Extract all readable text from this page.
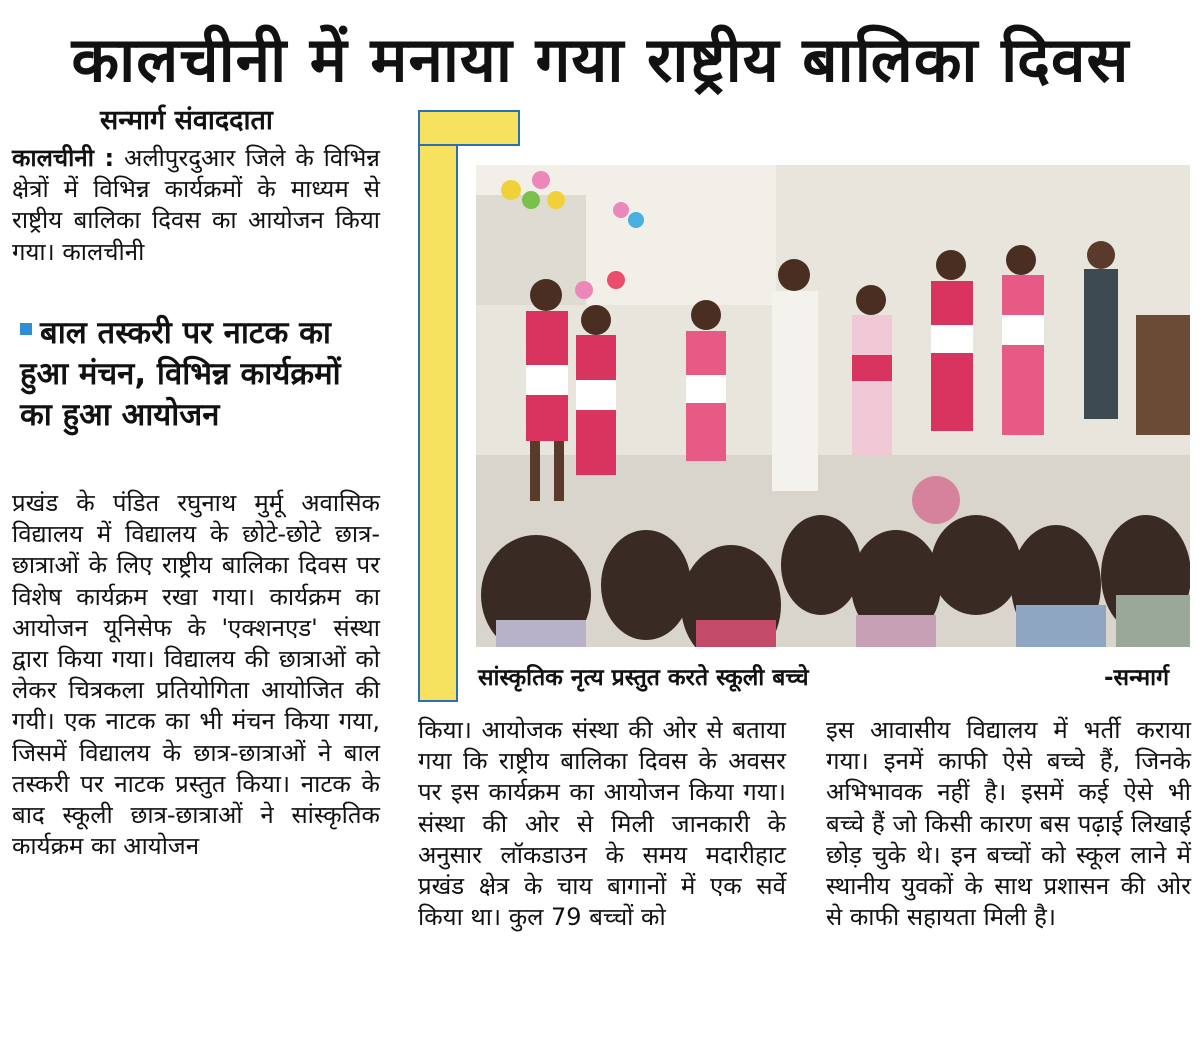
कालचीनी में मनाया गया राष्ट्रीय बालिका दिवस
सन्मार्ग संवाददाता

कालचीनी : अलीपुरदुआर जिले के विभिन्न क्षेत्रों में विभिन्न कार्यक्रमों के माध्यम से राष्ट्रीय बालिका दिवस का आयोजन किया गया। कालचीनी

बाल तस्करी पर नाटक का हुआ मंचन, विभिन्न कार्यक्रमों का हुआ आयोजन

प्रखंड के पंडित रघुनाथ मुर्मू अवासिक विद्यालय में विद्यालय के छोटे-छोटे छात्र-छात्राओं के लिए राष्ट्रीय बालिका दिवस पर विशेष कार्यक्रम रखा गया। कार्यक्रम का आयोजन यूनिसेफ के 'एक्शनएड' संस्था द्वारा किया गया। विद्यालय की छात्राओं को लेकर चित्रकला प्रतियोगिता आयोजित की गयी। एक नाटक का भी मंचन किया गया, जिसमें विद्यालय के छात्र-छात्राओं ने बाल तस्करी पर नाटक प्रस्तुत किया। नाटक के बाद स्कूली छात्र-छात्राओं ने सांस्कृतिक कार्यक्रम का आयोजन

सांस्कृतिक नृत्य प्रस्तुत करते स्कूली बच्चे	-सन्मार्ग

किया। आयोजक संस्था की ओर से बताया गया कि राष्ट्रीय बालिका दिवस के अवसर पर इस कार्यक्रम का आयोजन किया गया। संस्था की ओर से मिली जानकारी के अनुसार लॉकडाउन के समय मदारीहाट प्रखंड क्षेत्र के चाय बागानों में एक सर्वे किया था। कुल 79 बच्चों को

इस आवासीय विद्यालय में भर्ती कराया गया। इनमें काफी ऐसे बच्चे हैं, जिनके अभिभावक नहीं है। इसमें कई ऐसे भी बच्चे हैं जो किसी कारण बस पढ़ाई लिखाई छोड़ चुके थे। इन बच्चों को स्कूल लाने में स्थानीय युवकों के साथ प्रशासन की ओर से काफी सहायता मिली है।
